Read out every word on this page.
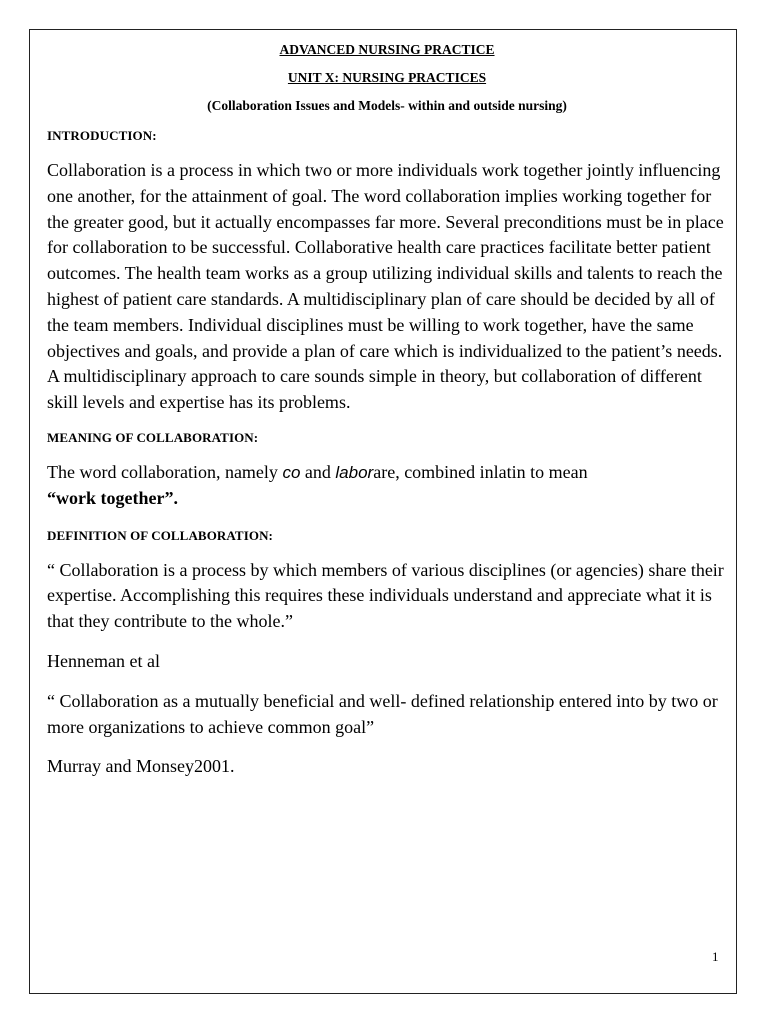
ADVANCED NURSING PRACTICE
UNIT X: NURSING PRACTICES
(Collaboration Issues and Models- within and outside nursing)
INTRODUCTION:
Collaboration is a process in which two or more individuals work together jointly influencing one another, for the attainment of goal. The word collaboration implies working together for the greater good, but it actually encompasses far more. Several preconditions must be in place for collaboration to be successful. Collaborative health care practices facilitate better patient outcomes. The health team works as a group utilizing individual skills and talents to reach the highest of patient care standards. A multidisciplinary plan of care should be decided by all of the team members. Individual disciplines must be willing to work together, have the same objectives and goals, and provide a plan of care which is individualized to the patient’s needs. A multidisciplinary approach to care sounds simple in theory, but collaboration of different skill levels and expertise has its problems.
MEANING OF COLLABORATION:
The word collaboration, namely co and laborare, combined inlatin to mean
“work together”.
DEFINITION OF COLLABORATION:
“ Collaboration is a process by which members of various disciplines (or agencies) share their expertise. Accomplishing this requires these individuals understand and appreciate what it is that they contribute to the whole.”
Henneman et al
“ Collaboration as a mutually beneficial and well- defined relationship entered into by two or more organizations to achieve common goal”
Murray and Monsey2001.
1
